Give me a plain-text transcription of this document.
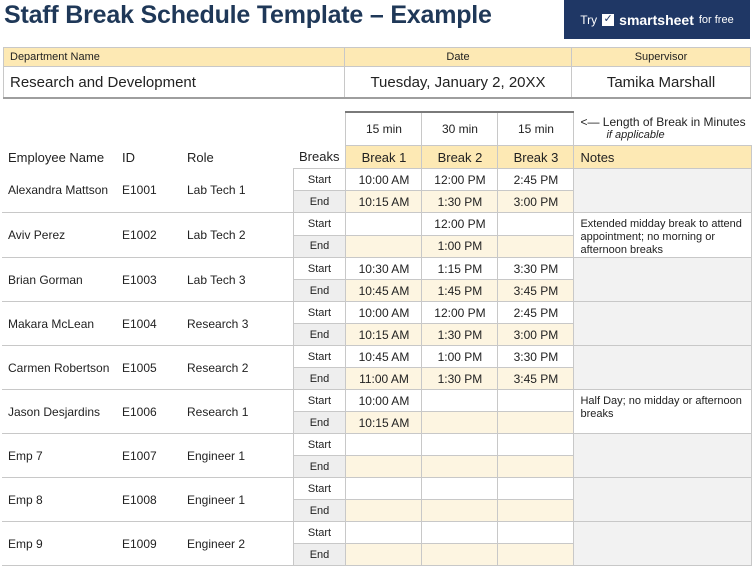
Staff Break Schedule Template – Example	Try ✓ smartsheet for free
Department Name	Date	Supervisor
Research and Development	Tuesday, January 2, 20XX	Tamika Marshall
				15 min	30 min	15 min	<— Length of Break in Minutes
if applicable

Employee Name	ID	Role	Breaks	Break 1	Break 2	Break 3	Notes
Alexandra Mattson	E1001	Lab Tech 1	Start	10:00 AM	12:00 PM	2:45 PM	
			End	10:15 AM	1:30 PM	3:00 PM	
Aviv Perez	E1002	Lab Tech 2	Start		12:00 PM		Extended midday break to attend appointment; no morning or afternoon breaks
			End		1:00 PM		
Brian Gorman	E1003	Lab Tech 3	Start	10:30 AM	1:15 PM	3:30 PM	
			End	10:45 AM	1:45 PM	3:45 PM	
Makara McLean	E1004	Research 3	Start	10:00 AM	12:00 PM	2:45 PM	
			End	10:15 AM	1:30 PM	3:00 PM	
Carmen Robertson	E1005	Research 2	Start	10:45 AM	1:00 PM	3:30 PM	
			End	11:00 AM	1:30 PM	3:45 PM	
Jason Desjardins	E1006	Research 1	Start	10:00 AM			Half Day; no midday or afternoon breaks
			End	10:15 AM			
Emp 7	E1007	Engineer 1	Start				
			End				
Emp 8	E1008	Engineer 1	Start				
			End				
Emp 9	E1009	Engineer 2	Start				
			End				
